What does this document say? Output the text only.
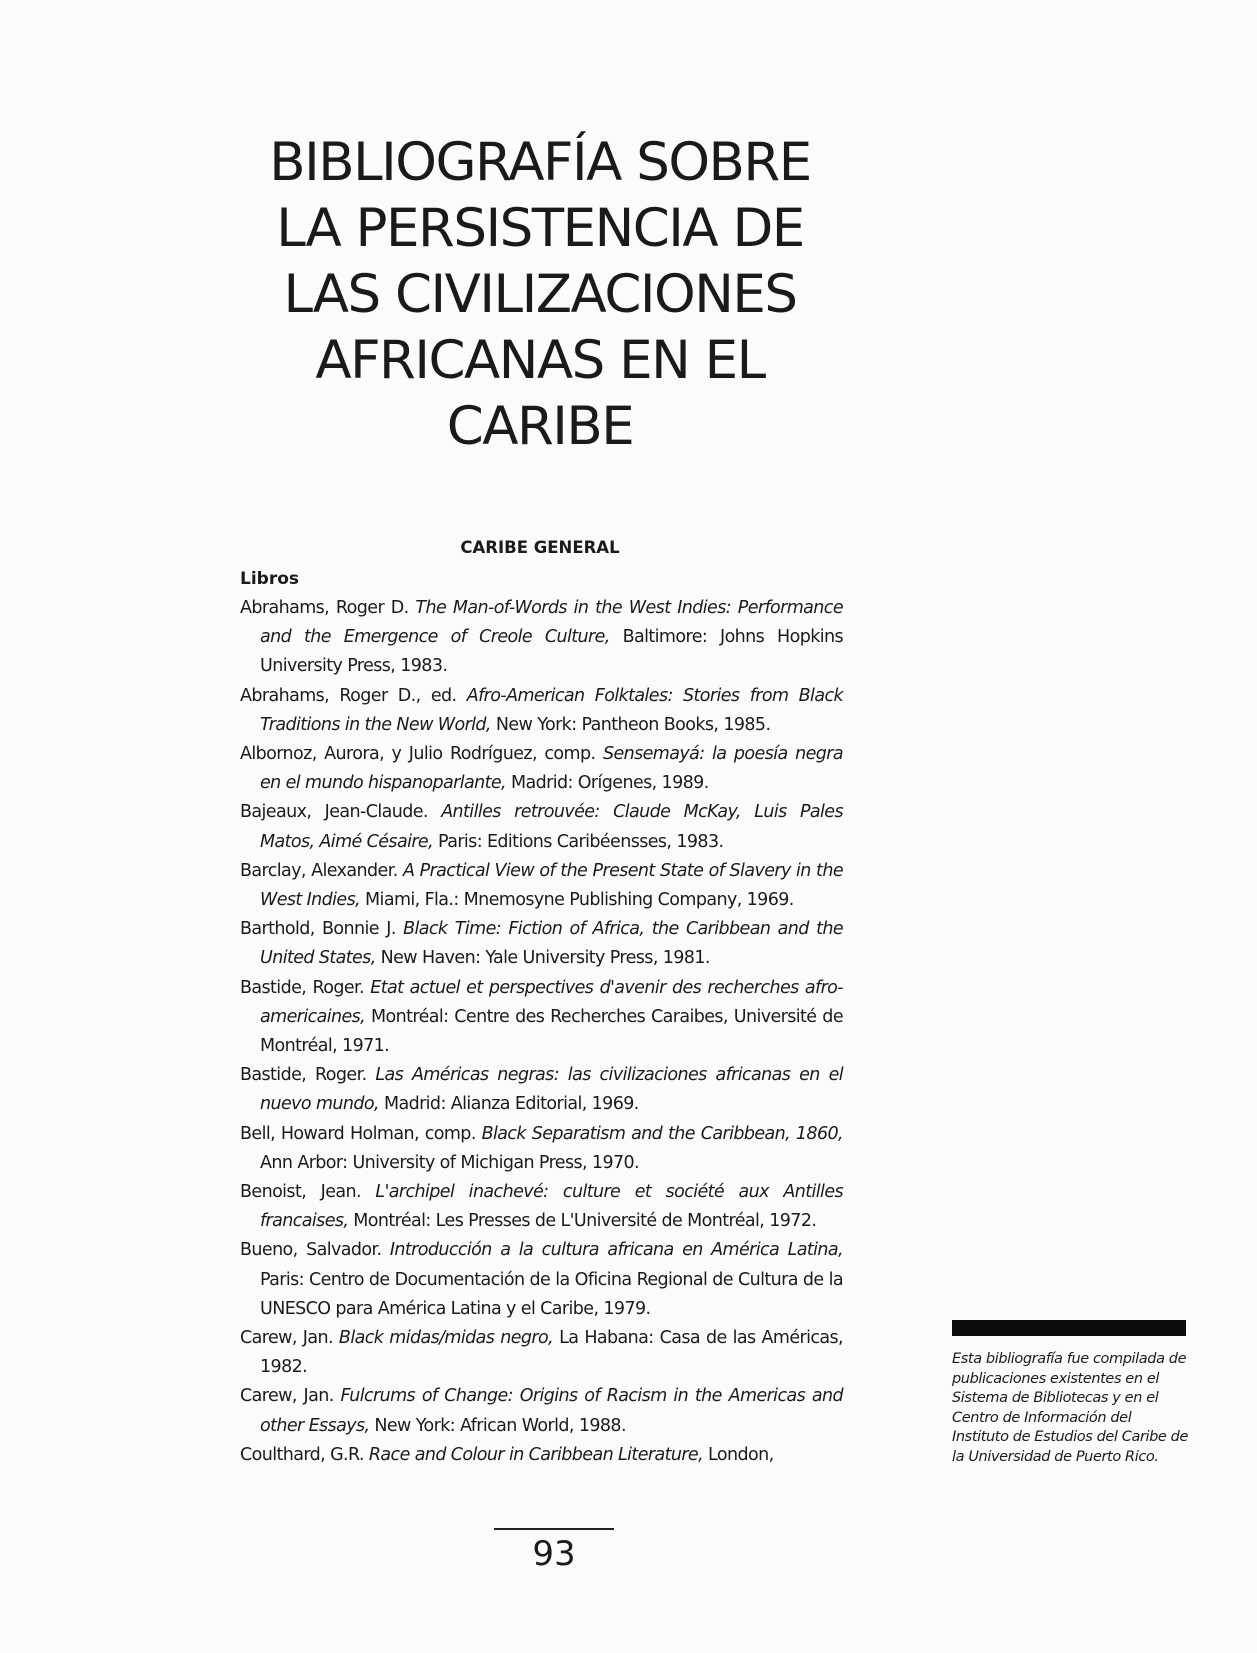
BIBLIOGRAFÍA SOBRE
LA PERSISTENCIA DE
LAS CIVILIZACIONES
AFRICANAS EN EL
CARIBE
CARIBE GENERAL
Libros

Abrahams, Roger D. The Man-of-Words in the West Indies: Performance and the Emergence of Creole Culture, Baltimore: Johns Hopkins University Press, 1983.

Abrahams, Roger D., ed. Afro-American Folktales: Stories from Black Traditions in the New World, New York: Pantheon Books, 1985.

Albornoz, Aurora, y Julio Rodríguez, comp. Sensemayá: la poesía negra en el mundo hispanoparlante, Madrid: Orígenes, 1989.

Bajeaux, Jean-Claude. Antilles retrouvée: Claude McKay, Luis Pales Matos, Aimé Césaire, Paris: Editions Caribéensses, 1983.

Barclay, Alexander. A Practical View of the Present State of Slavery in the West Indies, Miami, Fla.: Mnemosyne Publishing Company, 1969.

Barthold, Bonnie J. Black Time: Fiction of Africa, the Caribbean and the United States, New Haven: Yale University Press, 1981.

Bastide, Roger. Etat actuel et perspectives d'avenir des recherches afro-americaines, Montréal: Centre des Recherches Caraibes, Université de Montréal, 1971.

Bastide, Roger. Las Américas negras: las civilizaciones africanas en el nuevo mundo, Madrid: Alianza Editorial, 1969.

Bell, Howard Holman, comp. Black Separatism and the Caribbean, 1860, Ann Arbor: University of Michigan Press, 1970.

Benoist, Jean. L'archipel inachevé: culture et société aux Antilles francaises, Montréal: Les Presses de L'Université de Montréal, 1972.

Bueno, Salvador. Introducción a la cultura africana en América Latina, Paris: Centro de Documentación de la Oficina Regional de Cultura de la UNESCO para América Latina y el Caribe, 1979.

Carew, Jan. Black midas/midas negro, La Habana: Casa de las Américas, 1982.

Carew, Jan. Fulcrums of Change: Origins of Racism in the Americas and other Essays, New York: African World, 1988.

Coulthard, G.R. Race and Colour in Caribbean Literature, London,

Esta bibliografía fue compilada de publicaciones existentes en el Sistema de Bibliotecas y en el Centro de Información del Instituto de Estudios del Caribe de la Universidad de Puerto Rico.

93
